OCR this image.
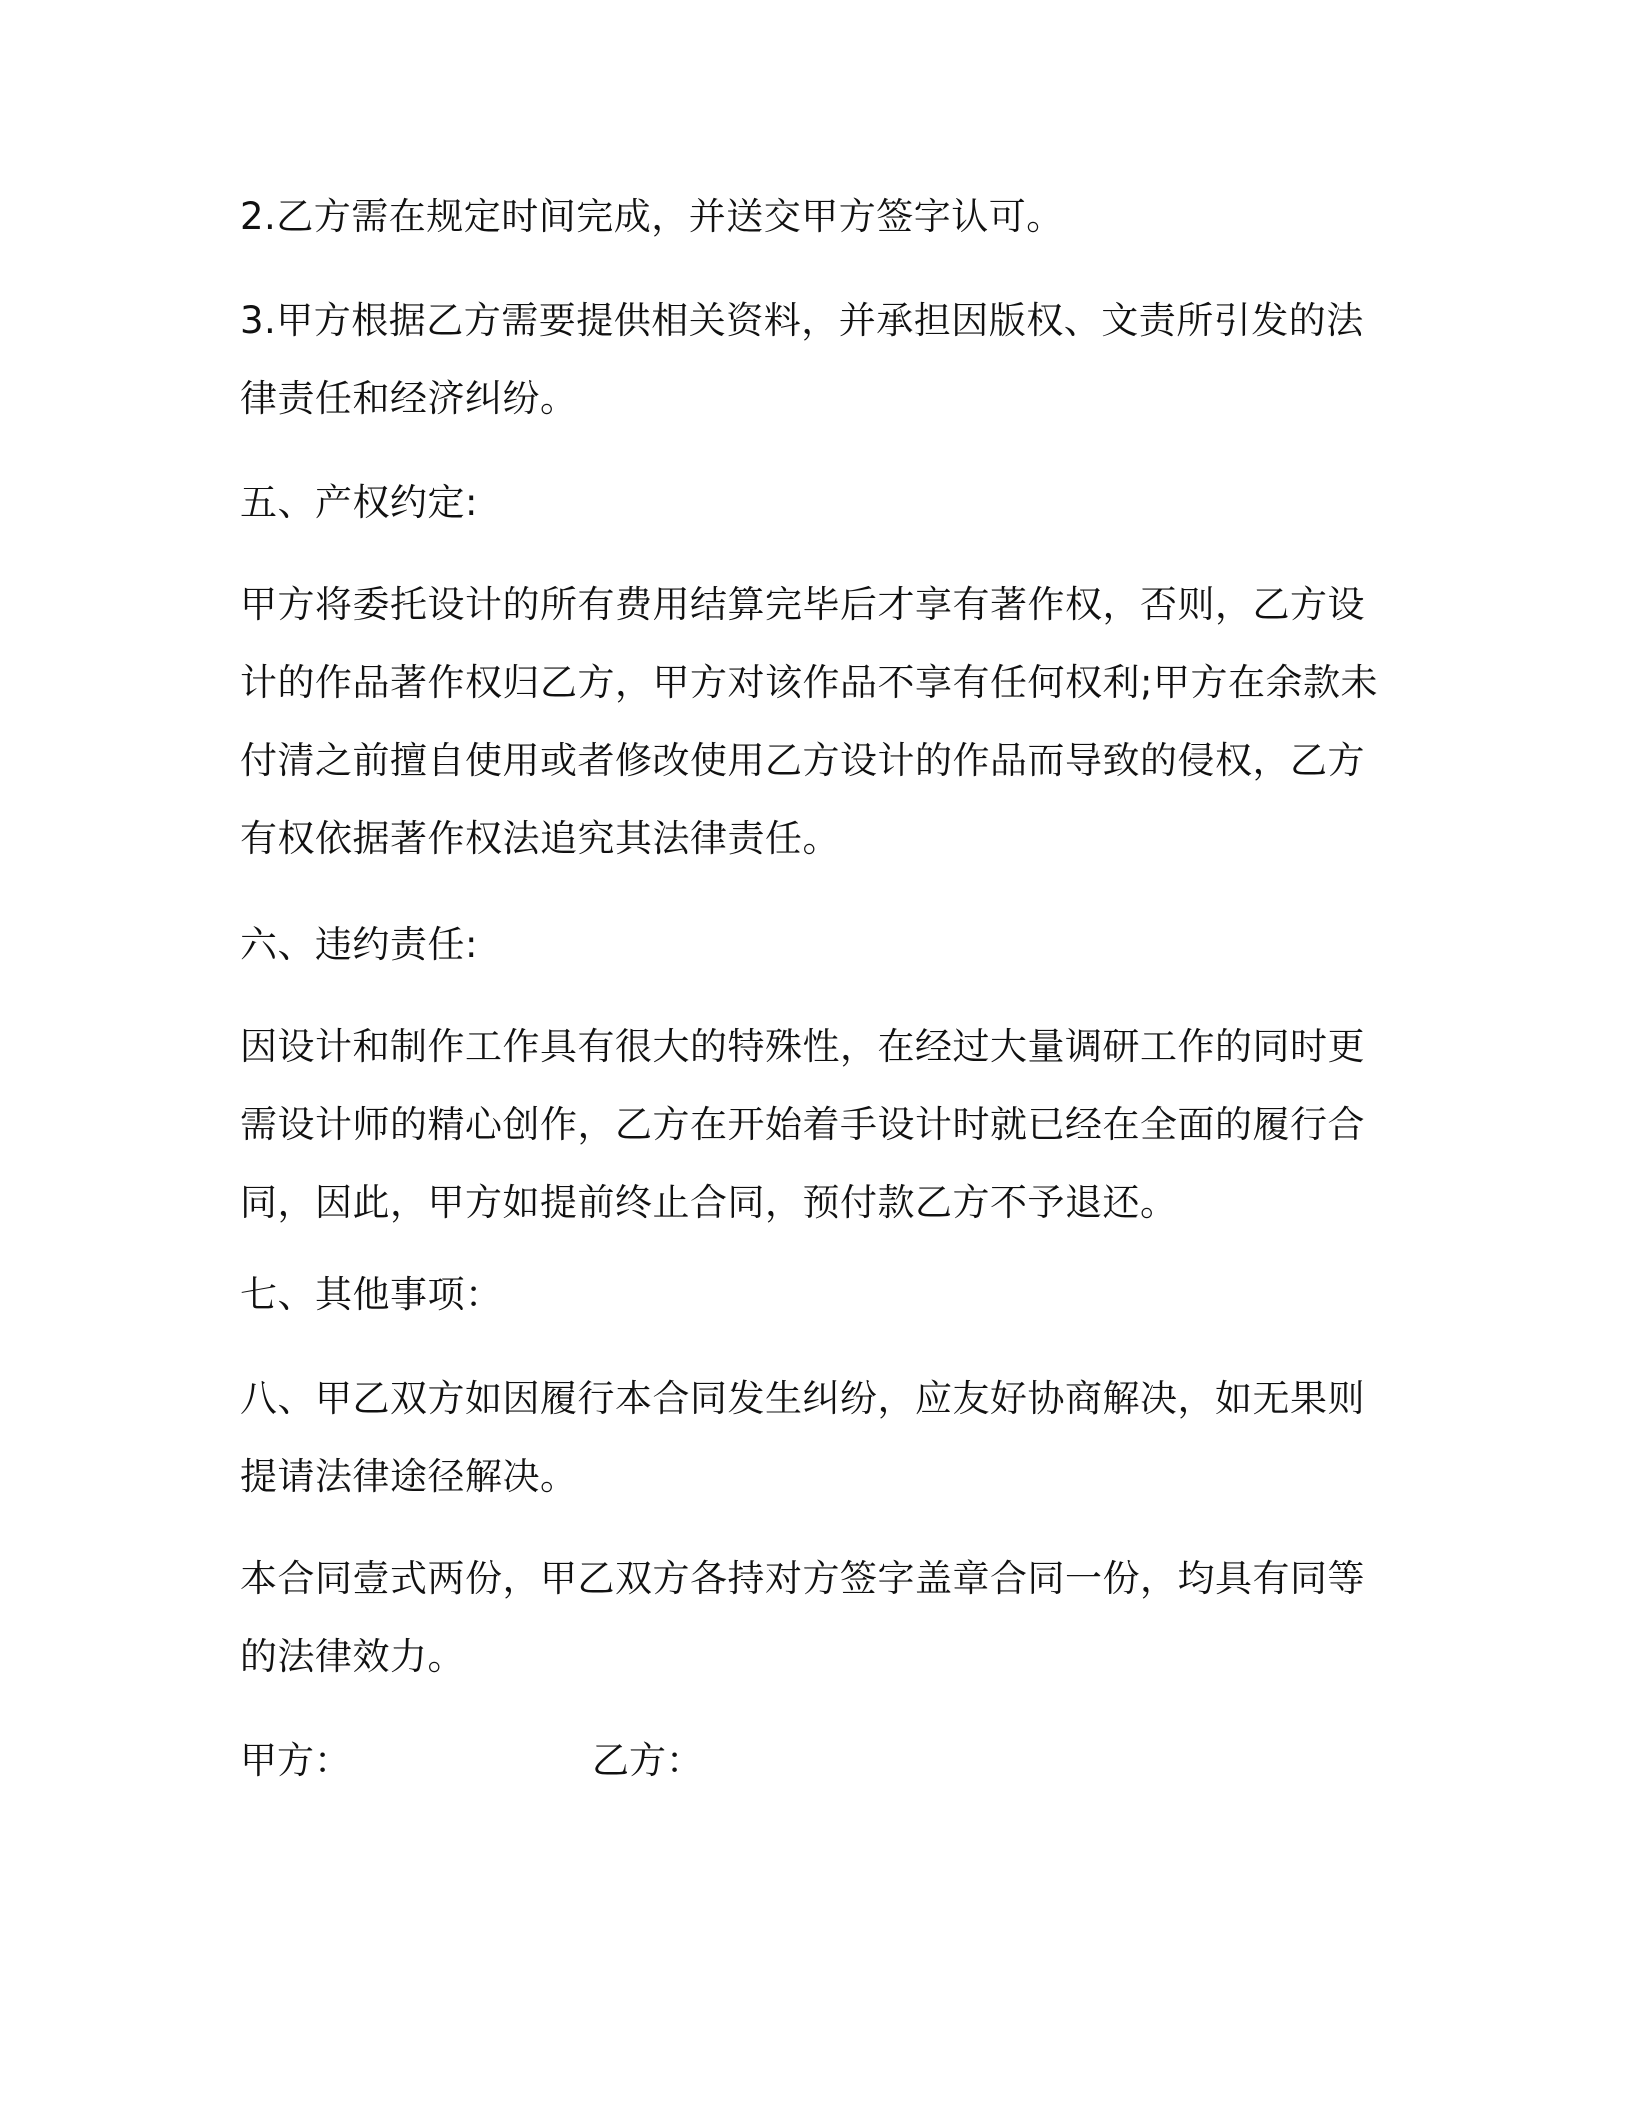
2.乙方需在规定时间完成，并送交甲方签字认可。

3.甲方根据乙方需要提供相关资料，并承担因版权、文责所引发的法
律责任和经济纠纷。

五、产权约定:

甲方将委托设计的所有费用结算完毕后才享有著作权，否则，乙方设
计的作品著作权归乙方，甲方对该作品不享有任何权利;甲方在余款未
付清之前擅自使用或者修改使用乙方设计的作品而导致的侵权，乙方
有权依据著作权法追究其法律责任。

六、违约责任:

因设计和制作工作具有很大的特殊性，在经过大量调研工作的同时更
需设计师的精心创作，乙方在开始着手设计时就已经在全面的履行合
同，因此，甲方如提前终止合同，预付款乙方不予退还。

七、其他事项：

八、甲乙双方如因履行本合同发生纠纷，应友好协商解决，如无果则
提请法律途径解决。

本合同壹式两份，甲乙双方各持对方签字盖章合同一份，均具有同等
的法律效力。

甲方：	乙方：
